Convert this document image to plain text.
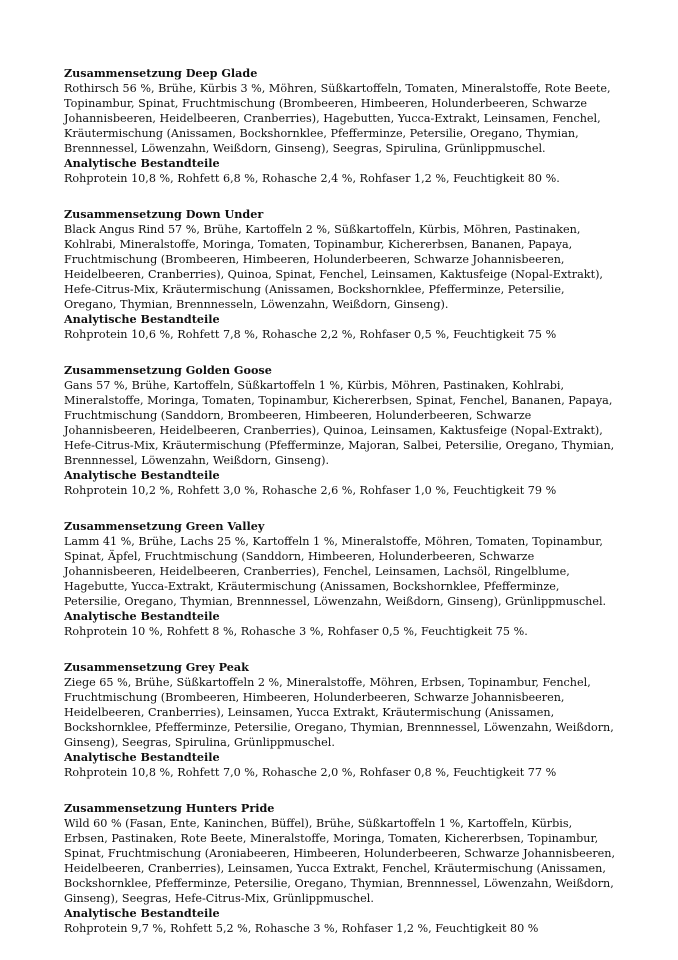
Zusammensetzung Deep Glade

Rothirsch 56 %, Brühe, Kürbis 3 %, Möhren, Süßkartoffeln, Tomaten, Mineralstoffe, Rote Beete, Topinambur, Spinat, Fruchtmischung (Brombeeren, Himbeeren, Holunderbeeren, Schwarze Johannisbeeren, Heidelbeeren, Cranberries), Hagebutten, Yucca-Extrakt, Leinsamen, Fenchel, Kräutermischung (Anissamen, Bockshornklee, Pfefferminze, Petersilie, Oregano, Thymian, Brennnessel, Löwenzahn, Weißdorn, Ginseng), Seegras, Spirulina, Grünlippmuschel.

Analytische Bestandteile

Rohprotein 10,8 %, Rohfett 6,8 %, Rohasche 2,4 %, Rohfaser 1,2 %, Feuchtigkeit 80 %.

Zusammensetzung Down Under

Black Angus Rind 57 %, Brühe, Kartoffeln 2 %, Süßkartoffeln, Kürbis, Möhren, Pastinaken, Kohlrabi, Mineralstoffe, Moringa, Tomaten, Topinambur, Kichererbsen, Bananen, Papaya, Fruchtmischung (Brombeeren, Himbeeren, Holunderbeeren, Schwarze Johannisbeeren, Heidelbeeren, Cranberries), Quinoa, Spinat, Fenchel, Leinsamen, Kaktusfeige (Nopal-Extrakt), Hefe-Citrus-Mix, Kräutermischung (Anissamen, Bockshornklee, Pfefferminze, Petersilie, Oregano, Thymian, Brennnesseln, Löwenzahn, Weißdorn, Ginseng).

Analytische Bestandteile

Rohprotein 10,6 %, Rohfett 7,8 %, Rohasche 2,2 %, Rohfaser 0,5 %, Feuchtigkeit 75 %

Zusammensetzung Golden Goose

Gans 57 %, Brühe, Kartoffeln, Süßkartoffeln 1 %, Kürbis, Möhren, Pastinaken, Kohlrabi, Mineralstoffe, Moringa, Tomaten, Topinambur, Kichererbsen, Spinat, Fenchel, Bananen, Papaya, Fruchtmischung (Sanddorn, Brombeeren, Himbeeren, Holunderbeeren, Schwarze Johannisbeeren, Heidelbeeren, Cranberries), Quinoa, Leinsamen, Kaktusfeige (Nopal-Extrakt), Hefe-Citrus-Mix, Kräutermischung (Pfefferminze, Majoran, Salbei, Petersilie, Oregano, Thymian, Brennnessel, Löwenzahn, Weißdorn, Ginseng).

Analytische Bestandteile

Rohprotein 10,2 %, Rohfett 3,0 %, Rohasche 2,6 %, Rohfaser 1,0 %, Feuchtigkeit 79 %

Zusammensetzung Green Valley

Lamm 41 %, Brühe, Lachs 25 %, Kartoffeln 1 %, Mineralstoffe, Möhren, Tomaten, Topinambur, Spinat, Äpfel, Fruchtmischung (Sanddorn, Himbeeren, Holunderbeeren, Schwarze Johannisbeeren, Heidelbeeren, Cranberries), Fenchel, Leinsamen, Lachsöl, Ringelblume, Hagebutte, Yucca-Extrakt, Kräutermischung (Anissamen, Bockshornklee, Pfefferminze, Petersilie, Oregano, Thymian, Brennnessel, Löwenzahn, Weißdorn, Ginseng), Grünlippmuschel.

Analytische Bestandteile

Rohprotein 10 %, Rohfett 8 %, Rohasche 3 %, Rohfaser 0,5 %, Feuchtigkeit 75 %.

Zusammensetzung Grey Peak

Ziege 65 %, Brühe, Süßkartoffeln 2 %, Mineralstoffe, Möhren, Erbsen, Topinambur, Fenchel, Fruchtmischung (Brombeeren, Himbeeren, Holunderbeeren, Schwarze Johannisbeeren, Heidelbeeren, Cranberries), Leinsamen, Yucca Extrakt, Kräutermischung (Anissamen, Bockshornklee, Pfefferminze, Petersilie, Oregano, Thymian, Brennnessel, Löwenzahn, Weißdorn, Ginseng), Seegras, Spirulina, Grünlippmuschel.

Analytische Bestandteile

Rohprotein 10,8 %, Rohfett 7,0 %, Rohasche 2,0 %, Rohfaser 0,8 %, Feuchtigkeit 77 %

Zusammensetzung Hunters Pride

Wild 60 % (Fasan, Ente, Kaninchen, Büffel), Brühe, Süßkartoffeln 1 %, Kartoffeln, Kürbis, Erbsen, Pastinaken, Rote Beete, Mineralstoffe, Moringa, Tomaten, Kichererbsen, Topinambur, Spinat, Fruchtmischung (Aroniabeeren, Himbeeren, Holunderbeeren, Schwarze Johannisbeeren, Heidelbeeren, Cranberries), Leinsamen, Yucca Extrakt, Fenchel, Kräutermischung (Anissamen, Bockshornklee, Pfefferminze, Petersilie, Oregano, Thymian, Brennnessel, Löwenzahn, Weißdorn, Ginseng), Seegras, Hefe-Citrus-Mix, Grünlippmuschel.

Analytische Bestandteile

Rohprotein 9,7 %, Rohfett 5,2 %, Rohasche 3 %, Rohfaser 1,2 %, Feuchtigkeit 80 %
